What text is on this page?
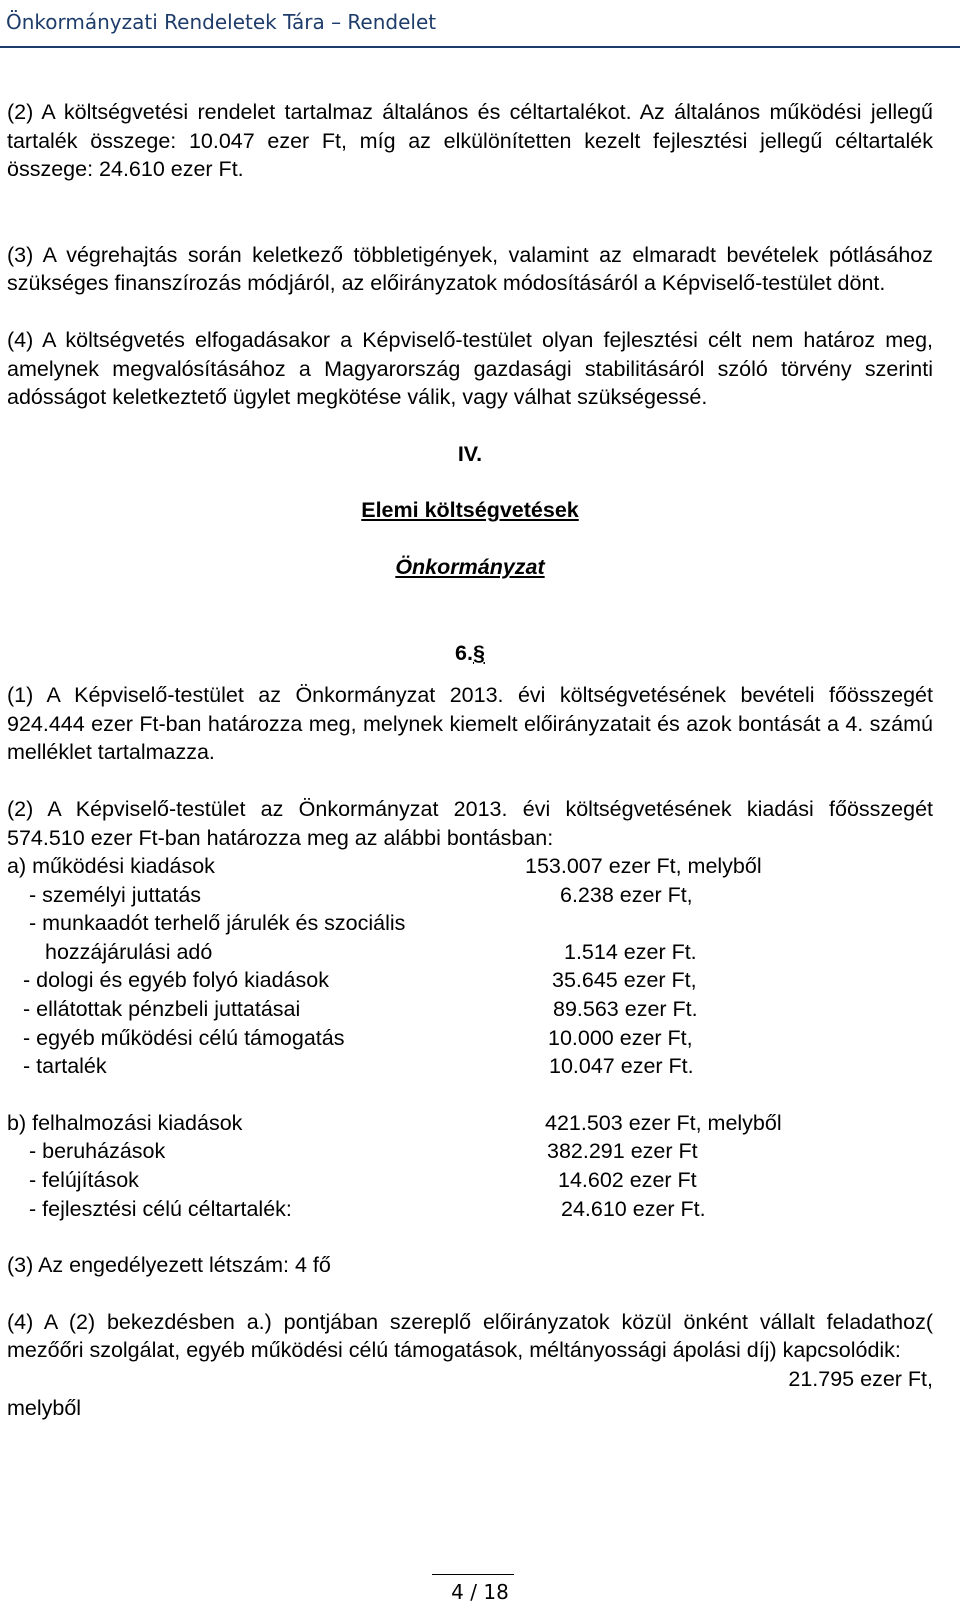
Önkormányzati Rendeletek Tára – Rendelet

(2) A költségvetési rendelet tartalmaz általános és céltartalékot. Az általános működési jellegű tartalék összege: 10.047 ezer Ft, míg az elkülönítetten kezelt fejlesztési jellegű céltartalék összege: 24.610 ezer Ft.

(3) A végrehajtás során keletkező többletigények, valamint az elmaradt bevételek pótlásához szükséges finanszírozás módjáról, az előirányzatok módosításáról a Képviselő-testület dönt.

(4) A költségvetés elfogadásakor a Képviselő-testület olyan fejlesztési célt nem határoz meg, amelynek megvalósításához a Magyarország gazdasági stabilitásáról szóló törvény szerinti adósságot keletkeztető ügylet megkötése válik, vagy válhat szükségessé.

IV.

Elemi költségvetések

Önkormányzat

6.§

(1) A Képviselő-testület az Önkormányzat 2013. évi költségvetésének bevételi főösszegét 924.444 ezer Ft-ban határozza meg, melynek kiemelt előirányzatait és azok bontását a 4. számú melléklet tartalmazza.

(2) A Képviselő-testület az Önkormányzat 2013. évi költségvetésének kiadási főösszegét 574.510 ezer Ft-ban határozza meg az alábbi bontásban:

a) működési kiadások	153.007 ezer Ft, melyből
- személyi juttatás	6.238 ezer Ft,
- munkaadót terhelő járulék és szociális
hozzájárulási adó	1.514 ezer Ft.
- dologi és egyéb folyó kiadások	35.645 ezer Ft,
- ellátottak pénzbeli juttatásai	89.563 ezer Ft.
- egyéb működési célú támogatás	10.000 ezer Ft,
- tartalék	10.047 ezer Ft.
b) felhalmozási kiadások	421.503 ezer Ft, melyből
- beruházások	382.291 ezer Ft
- felújítások	14.602 ezer Ft
- fejlesztési célú céltartalék:	24.610 ezer Ft.

(3) Az engedélyezett létszám: 4 fő

(4) A (2) bekezdésben a.) pontjában szereplő előirányzatok közül önként vállalt feladathoz( mezőőri szolgálat, egyéb működési célú támogatások, méltányossági ápolási díj) kapcsolódik:
21.795 ezer Ft,

melyből

4 / 18
